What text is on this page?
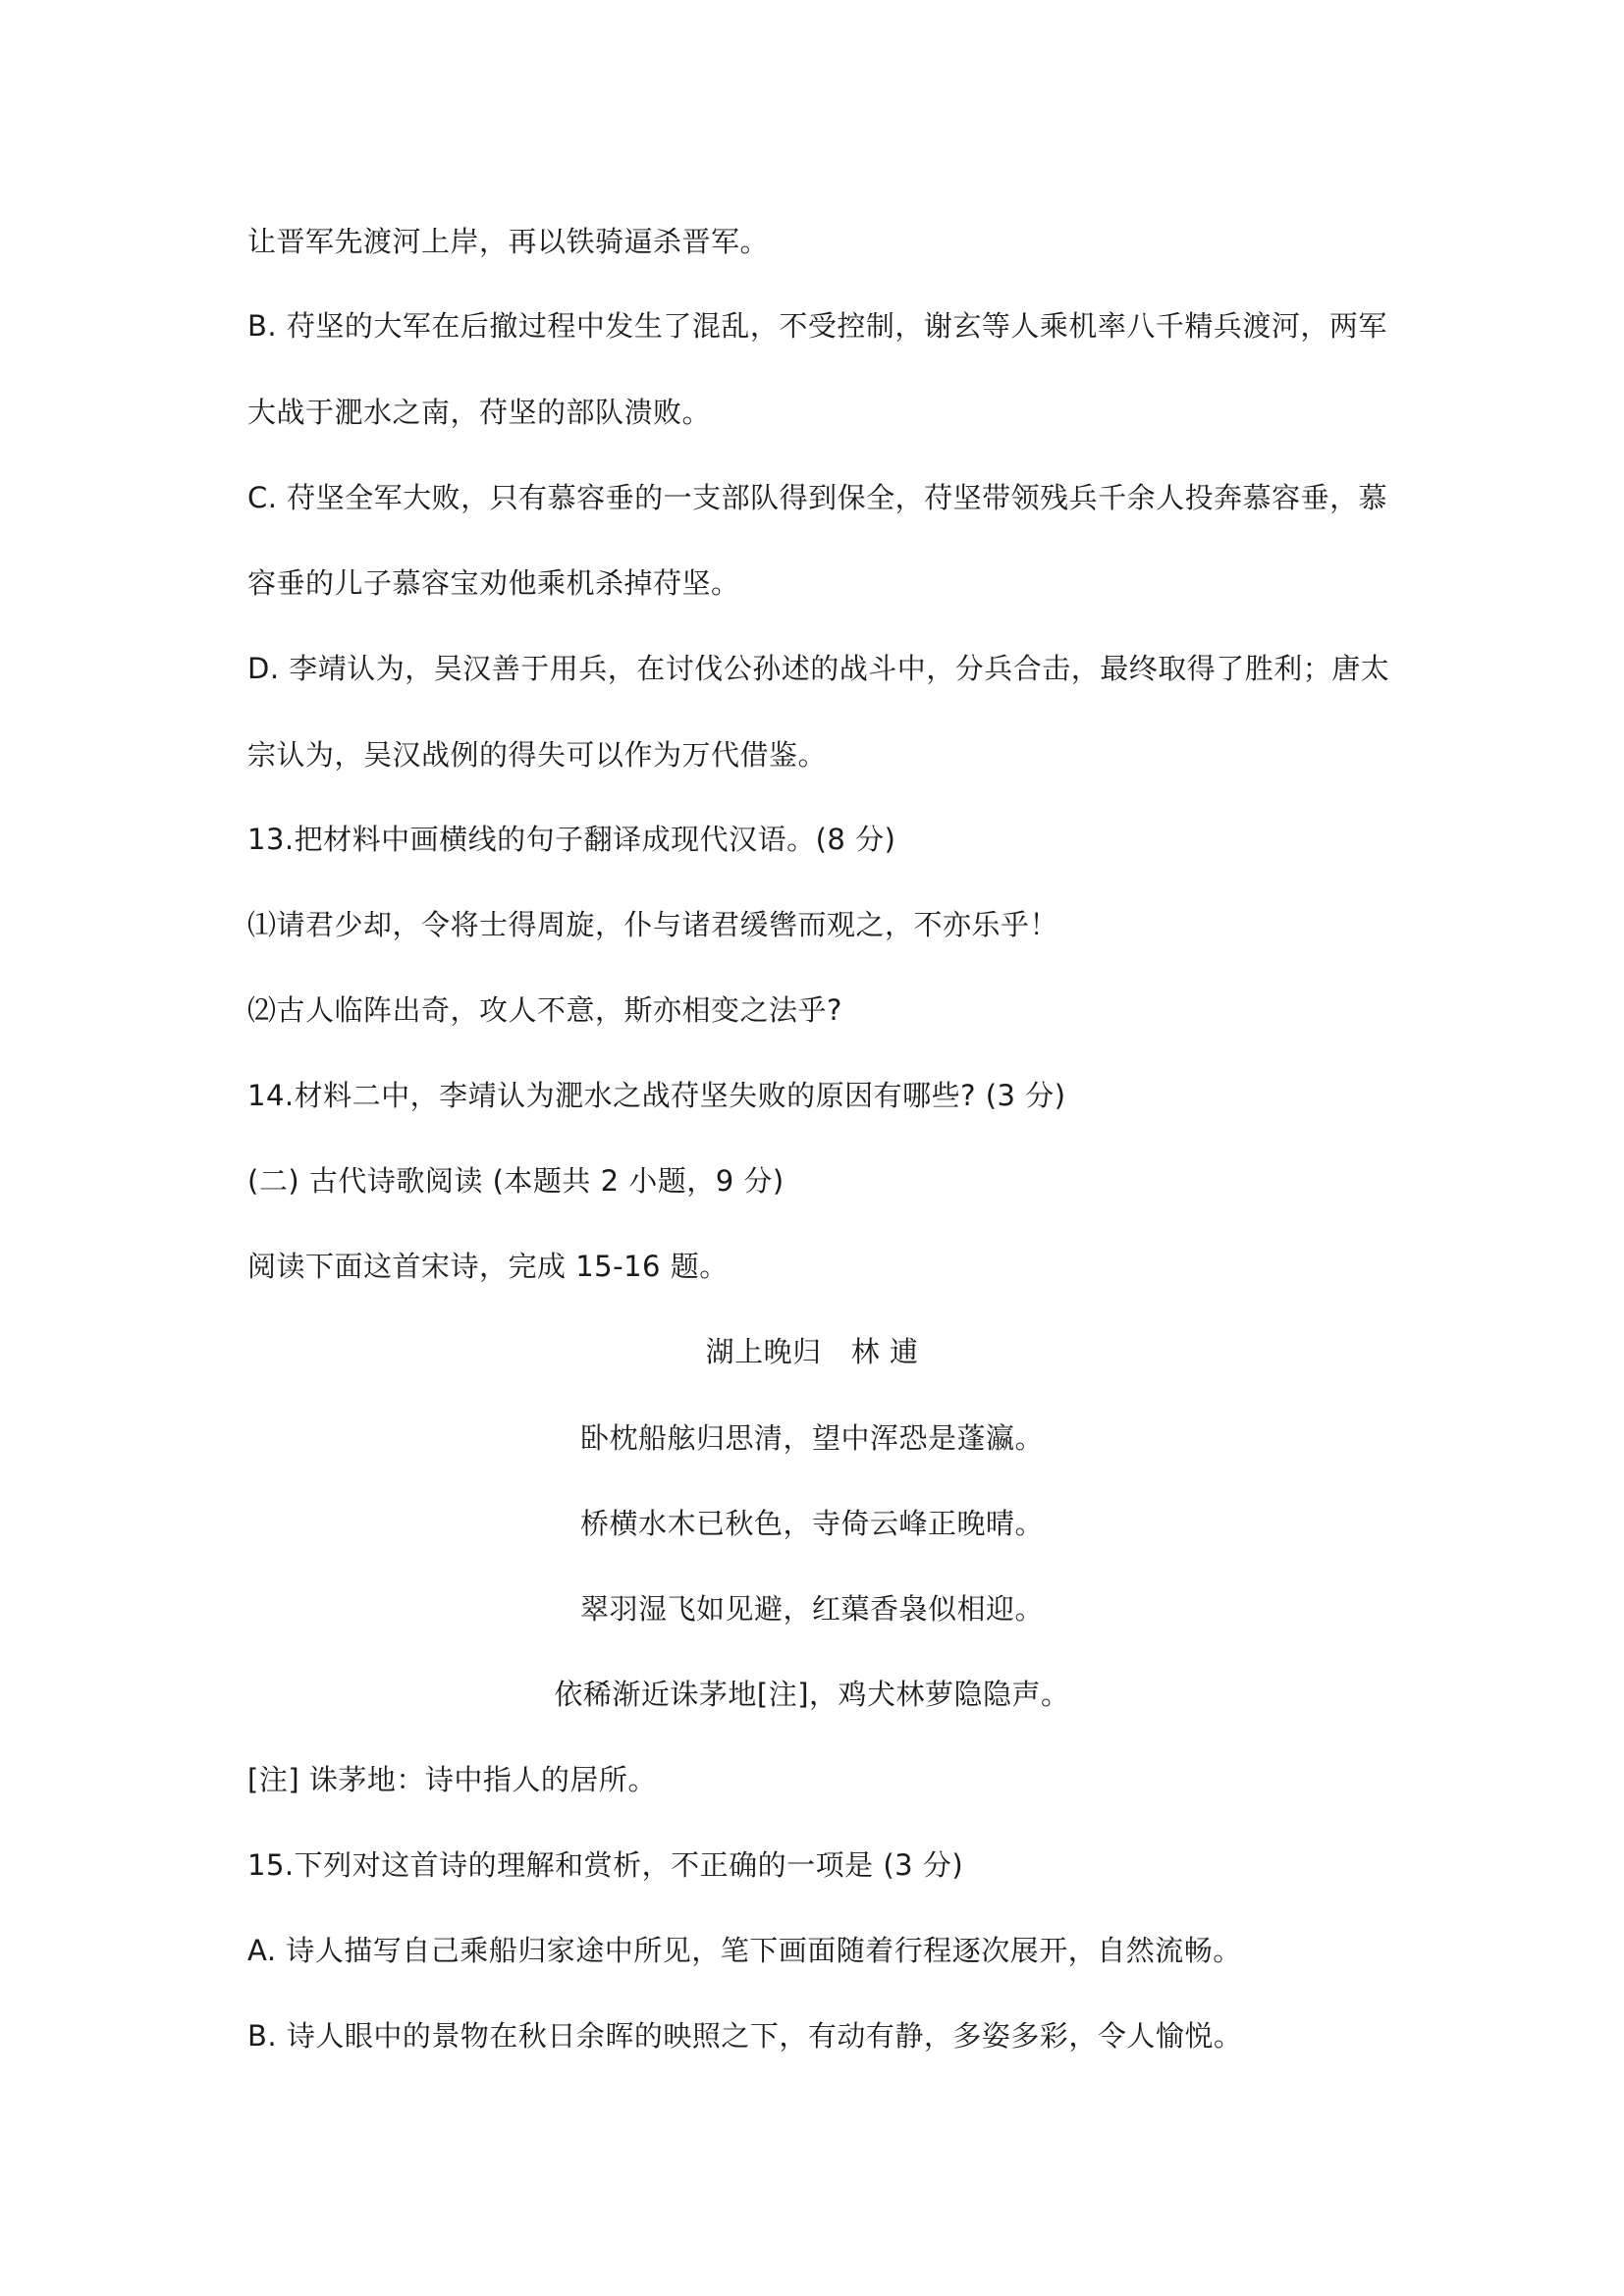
让晋军先渡河上岸，再以铁骑逼杀晋军。
B. 苻坚的大军在后撤过程中发生了混乱，不受控制，谢玄等人乘机率八千精兵渡河，两军
大战于淝水之南，苻坚的部队溃败。
C. 苻坚全军大败，只有慕容垂的一支部队得到保全，苻坚带领残兵千余人投奔慕容垂，慕
容垂的儿子慕容宝劝他乘机杀掉苻坚。
D. 李靖认为，吴汉善于用兵，在讨伐公孙述的战斗中，分兵合击，最终取得了胜利；唐太
宗认为，吴汉战例的得失可以作为万代借鉴。
13.把材料中画横线的句子翻译成现代汉语。(8 分)
⑴请君少却，令将士得周旋，仆与诸君缓辔而观之，不亦乐乎！
⑵古人临阵出奇，攻人不意，斯亦相变之法乎?
14.材料二中，李靖认为淝水之战苻坚失败的原因有哪些? (3 分)
(二) 古代诗歌阅读 (本题共 2 小题，9 分)
阅读下面这首宋诗，完成 15-16 题。
湖上晚归 林 逋
卧枕船舷归思清，望中浑恐是蓬瀛。
桥横水木已秋色，寺倚云峰正晚晴。
翠羽湿飞如见避，红蕖香袅似相迎。
依稀渐近诛茅地[注]，鸡犬林萝隐隐声。
[注] 诛茅地：诗中指人的居所。
15.下列对这首诗的理解和赏析，不正确的一项是 (3 分)
A. 诗人描写自己乘船归家途中所见，笔下画面随着行程逐次展开，自然流畅。
B. 诗人眼中的景物在秋日余晖的映照之下，有动有静，多姿多彩，令人愉悦。
